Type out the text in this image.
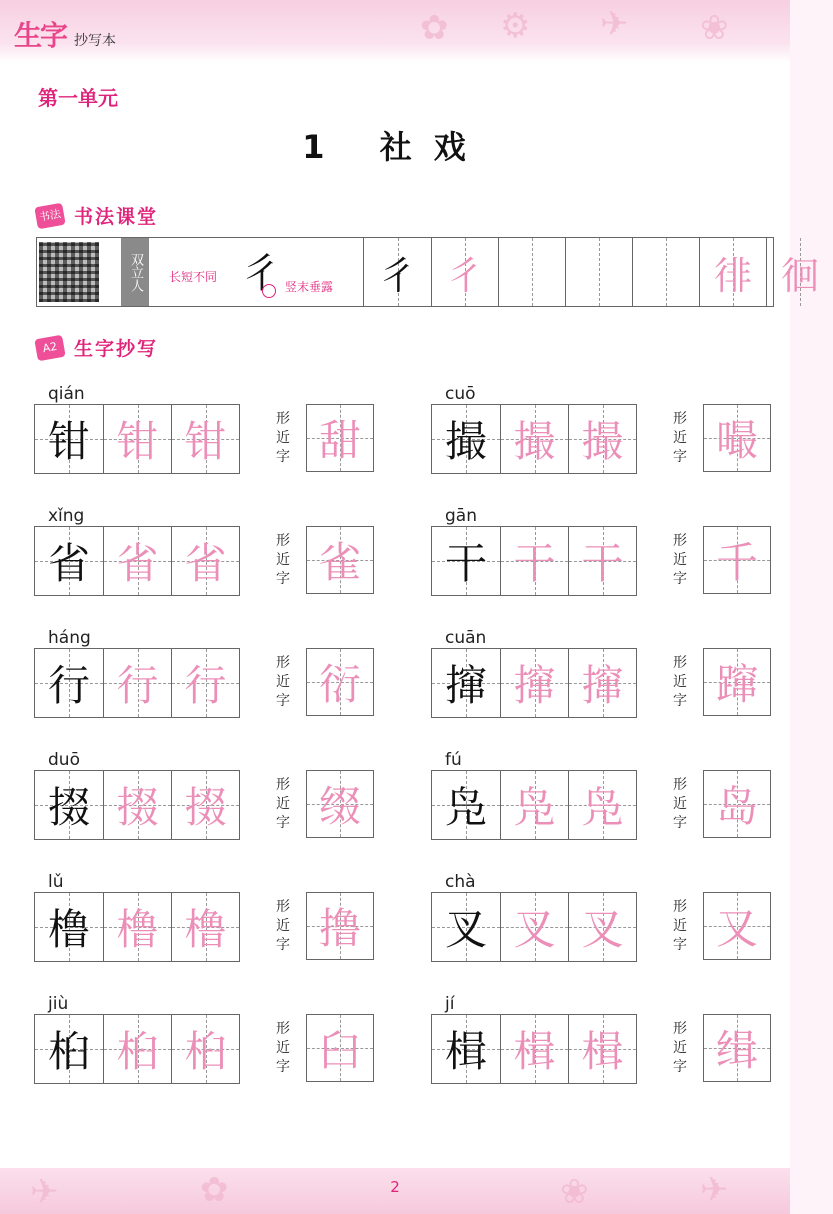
✿ ⚙ ✈ ❀
生字 抄写本
第一单元
1 社戏
书法 书法课堂
双立人	长短不同 彳 竖末垂露 彳 彳	徘 徊
A2 生字抄写
qián
钳 钳 钳	形近字 甜
cuō
撮 撮 撮	形近字 嘬
xǐng
省 省 省	形近字 雀
gān
干 干 干	形近字 千
háng
行 行 行	形近字 衍
cuān
撺 撺 撺	形近字 蹿
duō
掇 掇 掇	形近字 缀
fú
凫 凫 凫	形近字 岛
lǔ
橹 橹 橹	形近字 撸
chà
叉 叉 叉	形近字 又
jiù
桕 桕 桕	形近字 臼
jí
楫 楫 楫	形近字 缉
✈	✿	❀	✈
2
